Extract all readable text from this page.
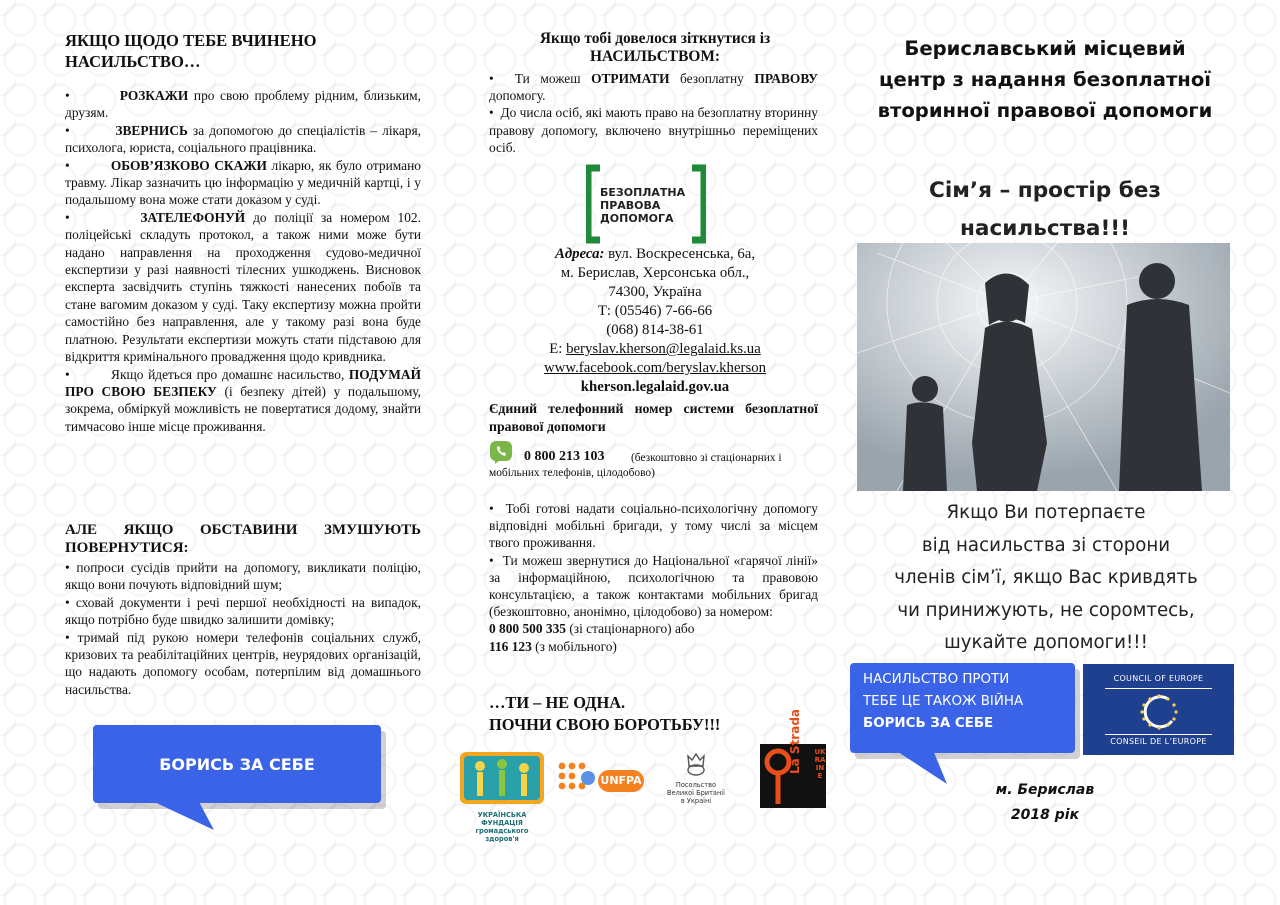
ЯКЩО ЩОДО ТЕБЕ ВЧИНЕНО НАСИЛЬСТВО…
•         РОЗКАЖИ про свою проблему рідним, близьким, друзям.
•         ЗВЕРНИСЬ за допомогою до спеціалістів – лікаря, психолога, юриста, соціального працівника.
•         ОБОВ’ЯЗКОВО СКАЖИ лікарю, як було отримано травму. Лікар зазначить цю інформацію у медичній картці, і у подальшому вона може стати доказом у суді.
•         ЗАТЕЛЕФОНУЙ до поліції за номером 102. поліцейські складуть протокол, а також ними може бути надано направлення на проходження судово-медичної експертизи у разі наявності тілесних ушкоджень. Висновок експерта засвідчить ступінь тяжкості нанесених побоїв та стане вагомим доказом у суді. Таку експертизу можна пройти самостійно без направлення, але у такому разі вона буде платною. Результати експертизи можуть стати підставою для відкриття кримінального провадження щодо кривдника.
•         Якщо йдеться про домашнє насильство, ПОДУМАЙ ПРО СВОЮ БЕЗПЕКУ (і безпеку дітей) у подальшому, зокрема, обміркуй можливість не повертатися додому, знайти тимчасово інше місце проживання.
АЛЕ ЯКЩО ОБСТАВИНИ ЗМУШУЮТЬ
ПОВЕРНУТИСЯ:
• попроси сусідів прийти на допомогу, викликати поліцію, якщо вони почують відповідний шум;
• сховай документи і речі першої необхідності на випадок, якщо потрібно буде швидко залишити домівку;
• тримай під рукою номери телефонів соціальних служб, кризових та реабілітаційних центрів, неурядових організацій, що надають допомогу особам, потерпілим від домашнього насильства.
БОРИСЬ ЗА СЕБЕ
Якщо тобі довелося зіткнутися із
НАСИЛЬСТВОМ:
•  Ти можеш ОТРИМАТИ безоплатну ПРАВОВУ допомогу.
•  До числа осіб, які мають право на безоплатну вторинну правову допомогу, включено внутрішньо переміщених осіб.
БЕЗОПЛАТНА
ПРАВОВА
ДОПОМОГА
Адреса: вул. Воскресенська, 6а,
м. Берислав, Херсонська обл.,
74300, Україна
Т: (05546) 7-66-66
(068) 814-38-61
E: beryslav.kherson@legalaid.ks.ua
www.facebook.com/beryslav.kherson
kherson.legalaid.gov.ua
Єдиний телефонний номер системи безоплатної правової допомоги
0 800 213 103	(безкоштовно зі стаціонарних і мобільних телефонів, цілодобово)
•  Тобі готові надати соціально-психологічну допомогу відповідні мобільні бригади, у тому числі за місцем твого проживання.
•  Ти можеш звернутися до Національної «гарячої лінії» за інформаційною, психологічною та правовою консультацією, а також контактами мобільних бригад (безкоштовно, анонімно, цілодобово) за номером:
0 800 500 335 (зі стаціонарного) або
116 123 (з мобільного)
…ТИ – НЕ ОДНА.
ПОЧНИ СВОЮ БОРОТЬБУ!!!
УКРАЇНСЬКА ФУНДАЦІЯ
громадського здоров'я
UNFPA	Посольство
Великої Британії
в Україні
La Strada UKRAINE
Бериславський місцевий
центр з надання безоплатної
вторинної правової допомоги
Сім’я – простір без
насильства!!!
Якщо Ви потерпаєте
від насильства зі сторони
членів сім’ї, якщо Вас кривдять
чи принижують, не соромтесь,
шукайте допомоги!!!
НАСИЛЬСТВО ПРОТИ
ТЕБЕ ЦЕ ТАКОЖ ВІЙНА
БОРИСЬ ЗА СЕБЕ
COUNCIL OF EUROPE
CONSEIL DE L’EUROPE
м. Берислав
2018 рік
